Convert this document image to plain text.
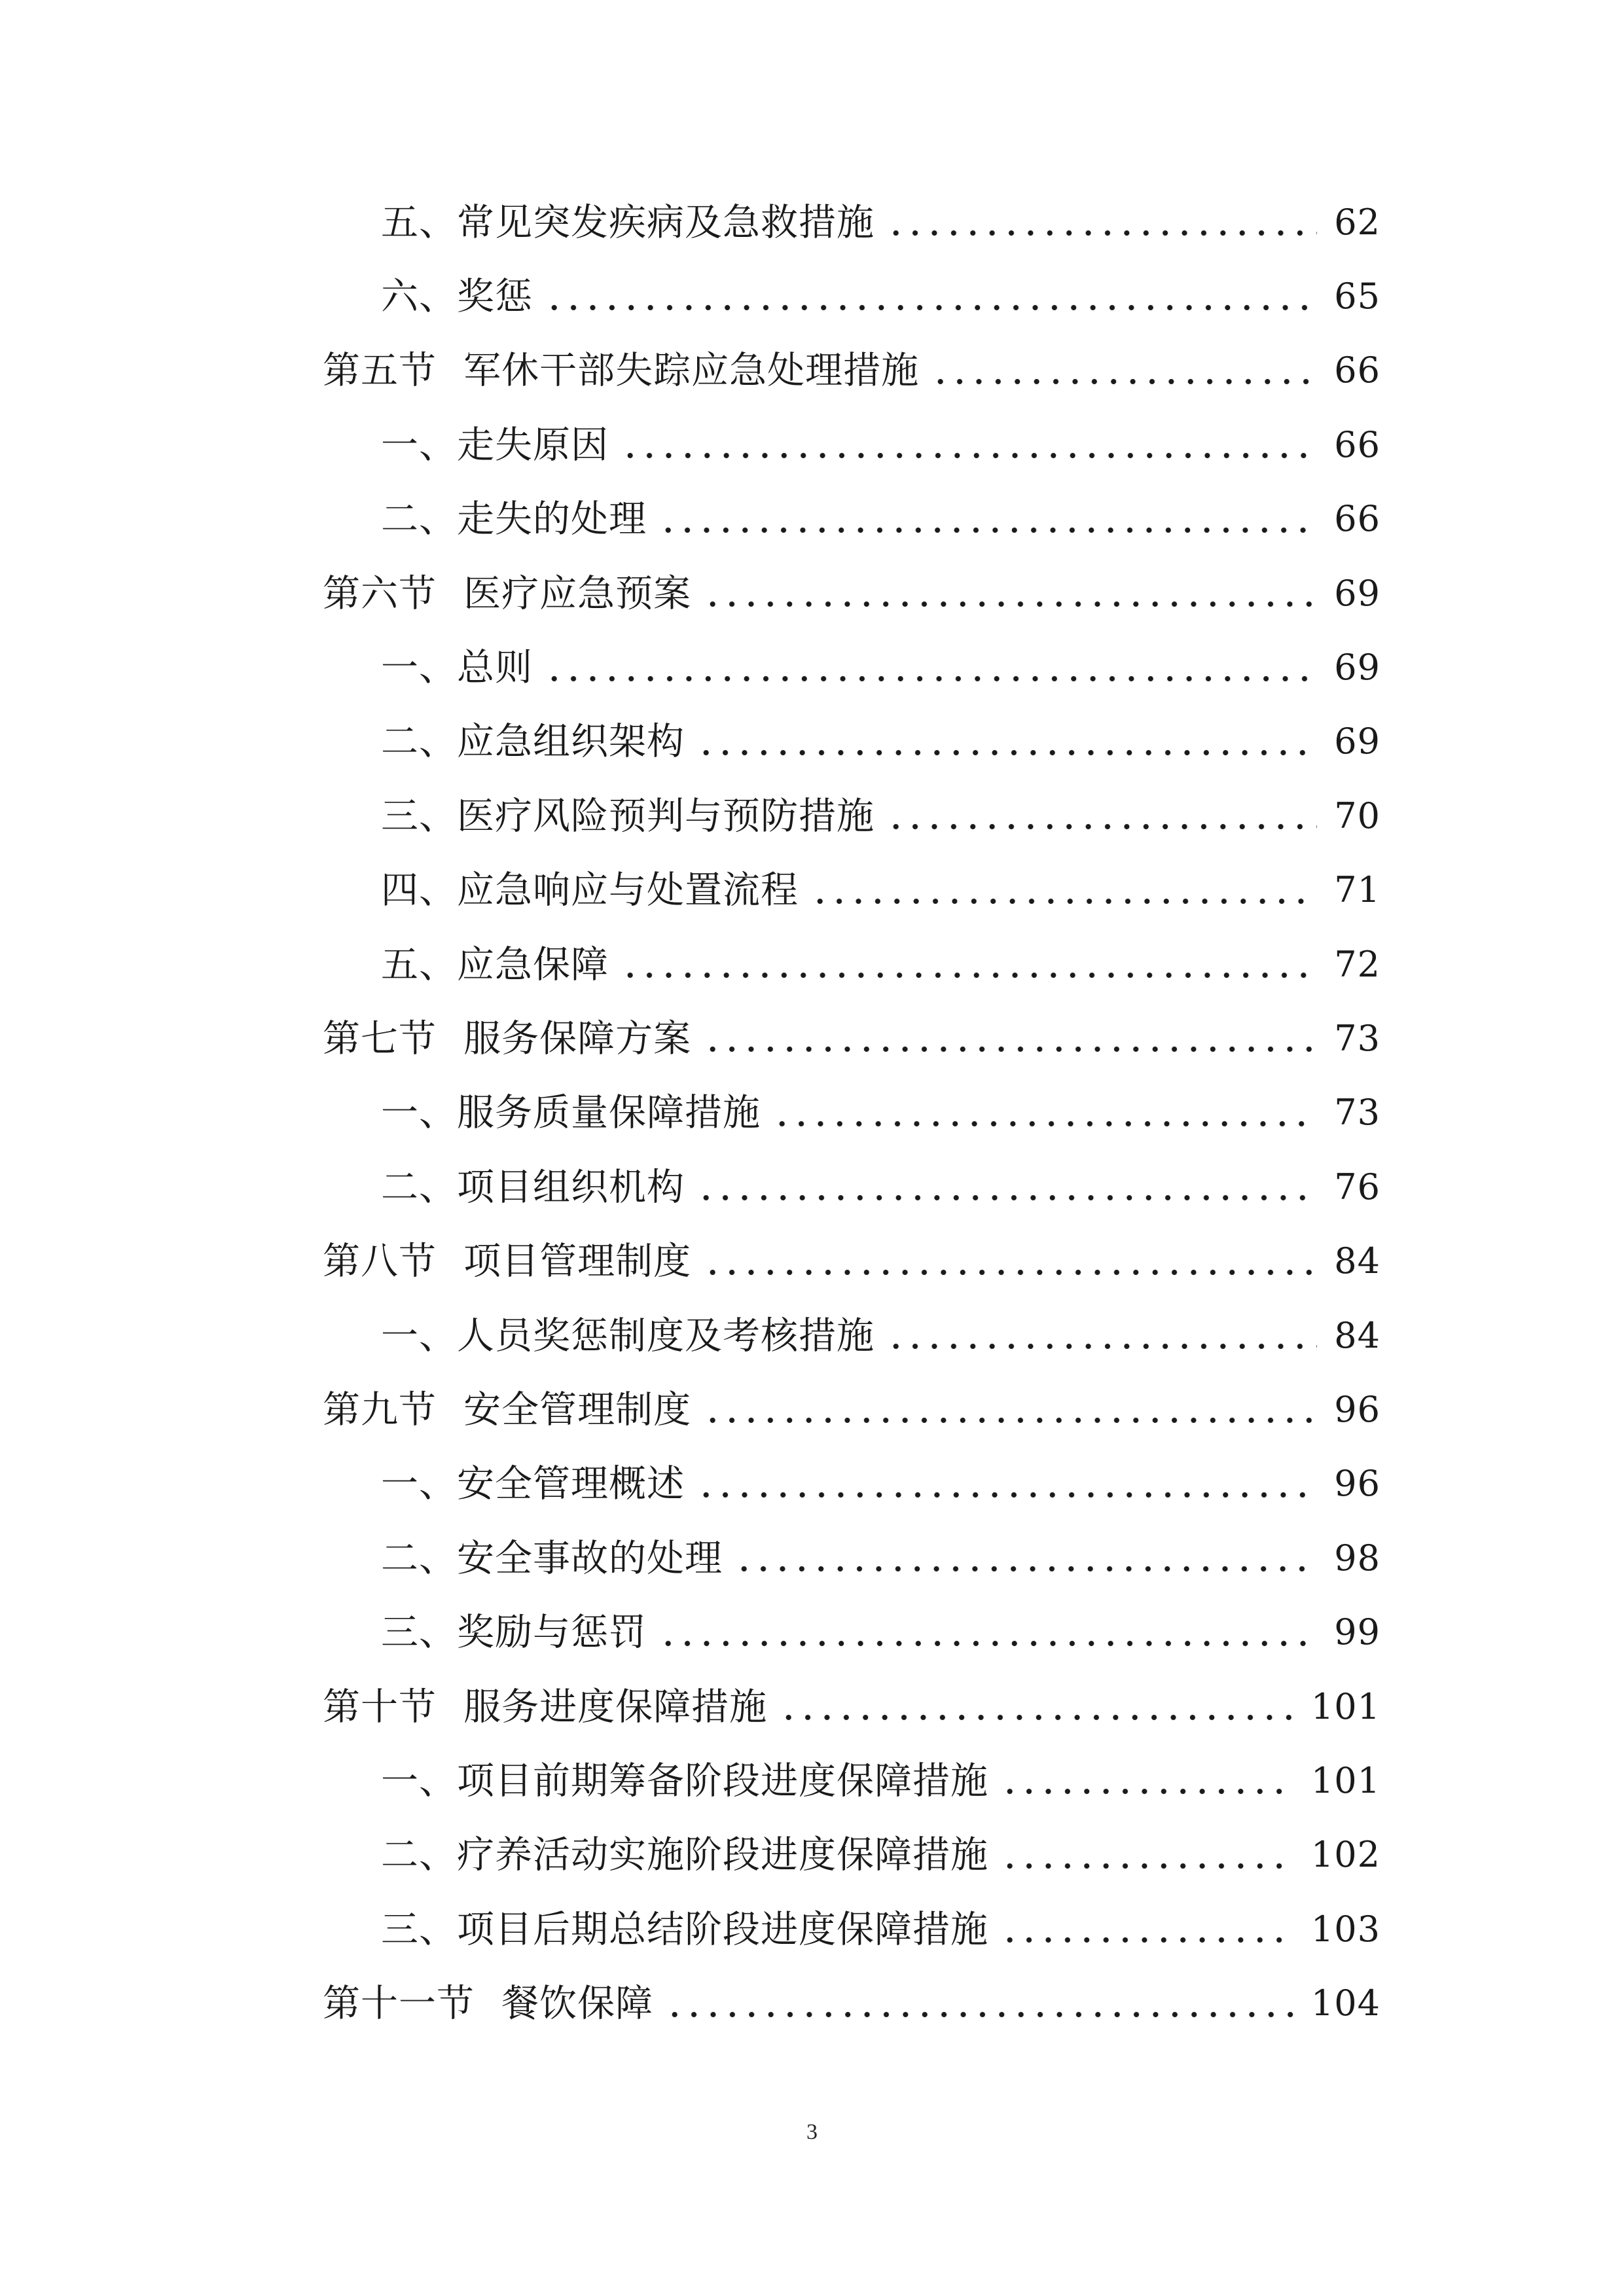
五、常见突发疾病及急救措施	62
六、奖惩	65
第五节 军休干部失踪应急处理措施	66
一、走失原因	66
二、走失的处理	66
第六节 医疗应急预案	69
一、总则	69
二、应急组织架构	69
三、医疗风险预判与预防措施	70
四、应急响应与处置流程	71
五、应急保障	72
第七节 服务保障方案	73
一、服务质量保障措施	73
二、项目组织机构	76
第八节 项目管理制度	84
一、人员奖惩制度及考核措施	84
第九节 安全管理制度	96
一、安全管理概述	96
二、安全事故的处理	98
三、奖励与惩罚	99
第十节 服务进度保障措施	101
一、项目前期筹备阶段进度保障措施	101
二、疗养活动实施阶段进度保障措施	102
三、项目后期总结阶段进度保障措施	103
第十一节 餐饮保障	104
3
